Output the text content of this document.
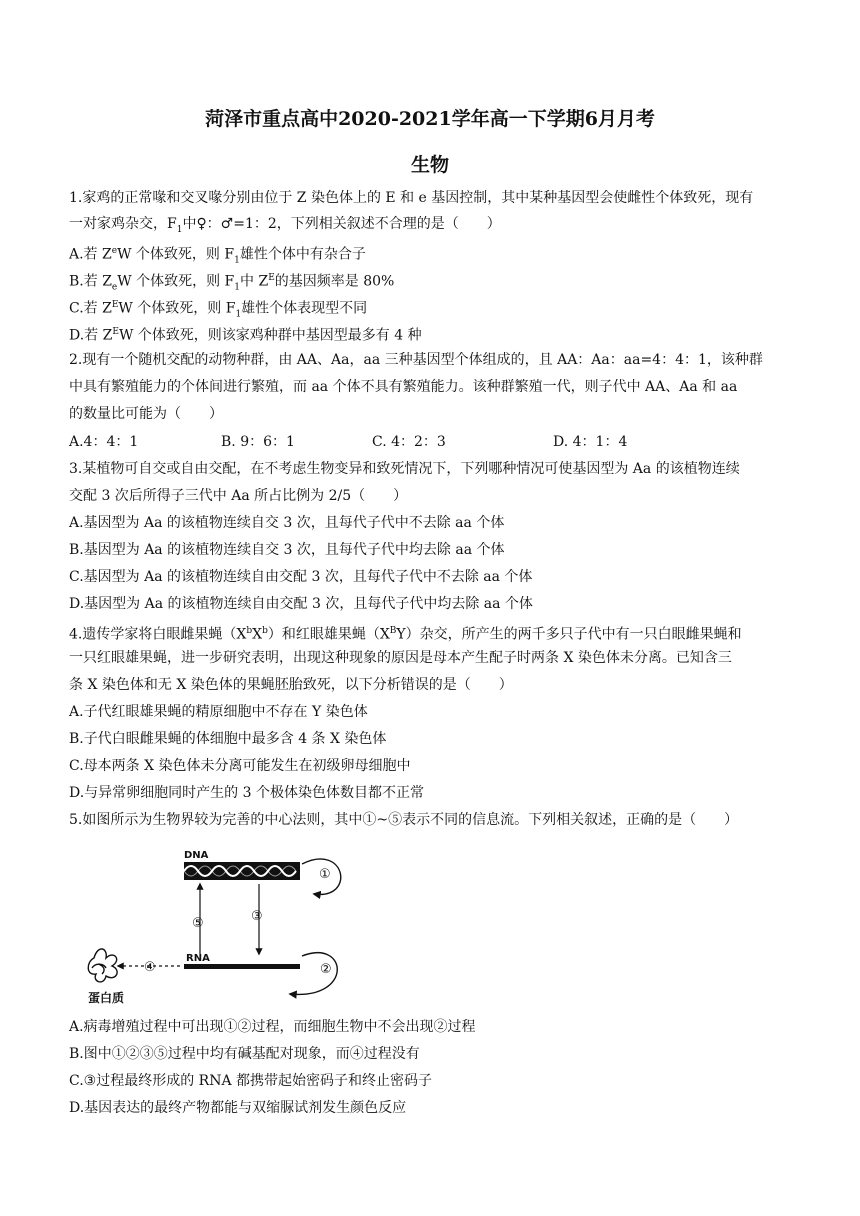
菏泽市重点高中2020-2021学年高一下学期6月月考
生物
1.家鸡的正常喙和交叉喙分别由位于 Z 染色体上的 E 和 e 基因控制，其中某种基因型会使雌性个体致死，现有
一对家鸡杂交，$F_1$中♀：♂=1：2，下列相关叙述不合理的是（　　）
A.若 $Z^eW$ 个体致死，则 $F_1$雄性个体中有杂合子
B.若 $Z_eW$ 个体致死，则 $F_1$中 $Z^E$的基因频率是 80%
C.若 $Z^EW$ 个体致死，则 $F_1$雄性个体表现型不同
D.若 $Z^EW$ 个体致死，则该家鸡种群中基因型最多有 4 种
2.现有一个随机交配的动物种群，由 AA、Aa，aa 三种基因型个体组成的，且 AA：Aa：aa=4：4：1，该种群
中具有繁殖能力的个体间进行繁殖，而 aa 个体不具有繁殖能力。该种群繁殖一代，则子代中 AA、Aa 和 aa
的数量比可能为（　　）
A.4：4：1	B. 9：6：1	C. 4：2：3	D. 4：1：4
3.某植物可自交或自由交配，在不考虑生物变异和致死情况下，下列哪种情况可使基因型为 Aa 的该植物连续
交配 3 次后所得子三代中 Aa 所占比例为 2/5（　　）
A.基因型为 Aa 的该植物连续自交 3 次，且每代子代中不去除 aa 个体
B.基因型为 Aa 的该植物连续自交 3 次，且每代子代中均去除 aa 个体
C.基因型为 Aa 的该植物连续自由交配 3 次，且每代子代中不去除 aa 个体
D.基因型为 Aa 的该植物连续自由交配 3 次，且每代子代中均去除 aa 个体
4.遗传学家将白眼雌果蝇$(X^bX^b)$和红眼雄果蝇$(X^BY)$杂交，所产生的两千多只子代中有一只白眼雌果蝇和
一只红眼雄果蝇，进一步研究表明，出现这种现象的原因是母本产生配子时两条 X 染色体未分离。已知含三
条 X 染色体和无 X 染色体的果蝇胚胎致死，以下分析错误的是（　　）
A.子代红眼雄果蝇的精原细胞中不存在 Y 染色体
B.子代白眼雌果蝇的体细胞中最多含 4 条 X 染色体
C.母本两条 X 染色体未分离可能发生在初级卵母细胞中
D.与异常卵细胞同时产生的 3 个极体染色体数目都不正常
5.如图所示为生物界较为完善的中心法则，其中①~⑤表示不同的信息流。下列相关叙述，正确的是（　　）
DNA
①
⑤	③
RNA
②
④
蛋白质
A.病毒增殖过程中可出现①②过程，而细胞生物中不会出现②过程
B.图中①②③⑤过程中均有碱基配对现象，而④过程没有
C.③过程最终形成的 RNA 都携带起始密码子和终止密码子
D.基因表达的最终产物都能与双缩脲试剂发生颜色反应
